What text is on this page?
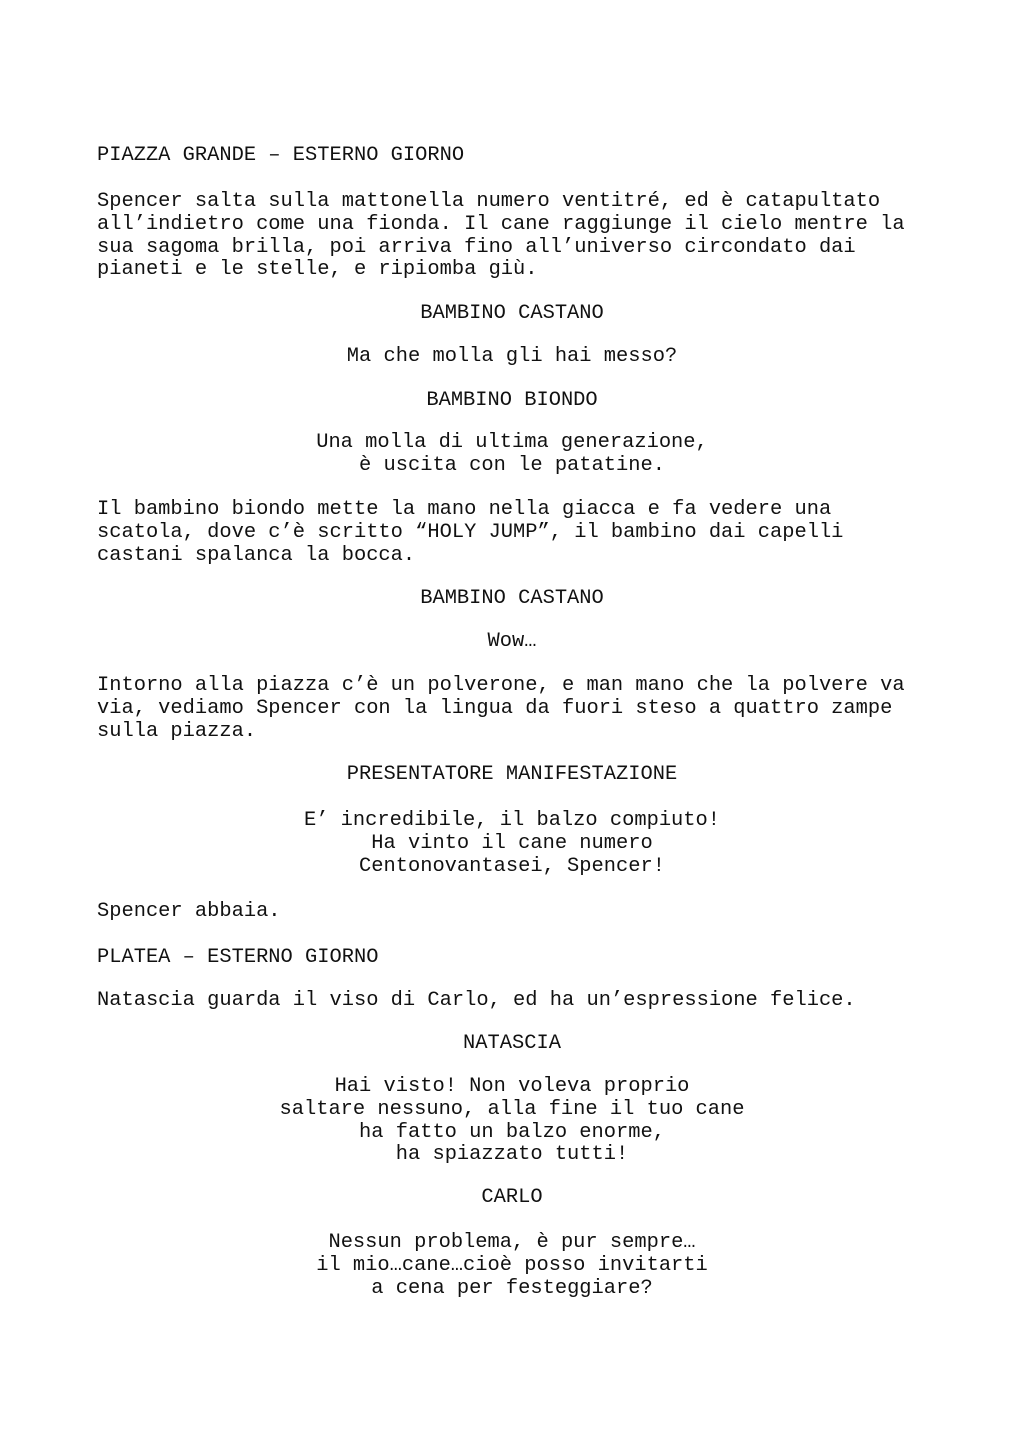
PIAZZA GRANDE – ESTERNO GIORNO
Spencer salta sulla mattonella numero ventitré, ed è catapultato
all’indietro come una fionda. Il cane raggiunge il cielo mentre la
sua sagoma brilla, poi arriva fino all’universo circondato dai
pianeti e le stelle, e ripiomba giù.
BAMBINO CASTANO
Ma che molla gli hai messo?
BAMBINO BIONDO
Una molla di ultima generazione,
è uscita con le patatine.
Il bambino biondo mette la mano nella giacca e fa vedere una
scatola, dove c’è scritto “HOLY JUMP”, il bambino dai capelli
castani spalanca la bocca.
BAMBINO CASTANO
Wow…
Intorno alla piazza c’è un polverone, e man mano che la polvere va
via, vediamo Spencer con la lingua da fuori steso a quattro zampe
sulla piazza.
PRESENTATORE MANIFESTAZIONE
E’ incredibile, il balzo compiuto!
Ha vinto il cane numero
Centonovantasei, Spencer!
Spencer abbaia.
PLATEA – ESTERNO GIORNO
Natascia guarda il viso di Carlo, ed ha un’espressione felice.
NATASCIA
Hai visto! Non voleva proprio
saltare nessuno, alla fine il tuo cane
ha fatto un balzo enorme,
ha spiazzato tutti!
CARLO
Nessun problema, è pur sempre…
il mio…cane…cioè posso invitarti
a cena per festeggiare?
